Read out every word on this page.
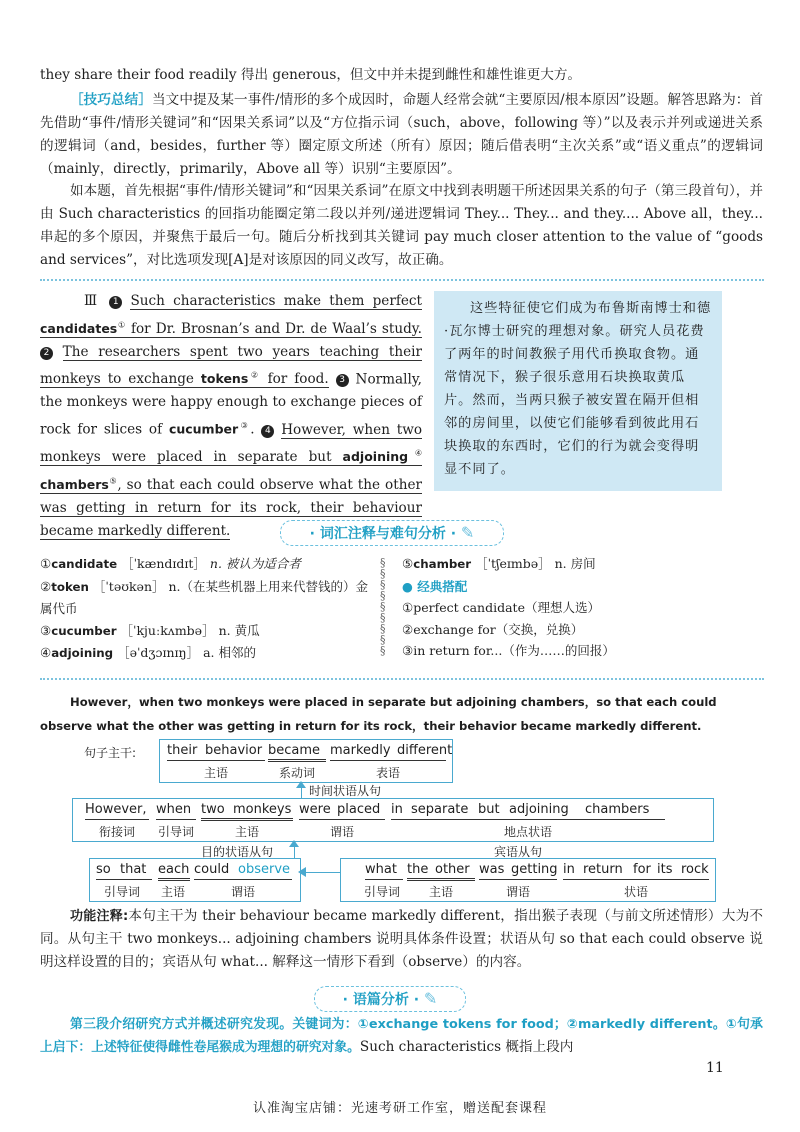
they share their food readily 得出 generous，但文中并未提到雌性和雄性谁更大方。
［技巧总结］当文中提及某一事件/情形的多个成因时，命题人经常会就“主要原因/根本原因”设题。解答思路为：首先借助“事件/情形关键词”和“因果关系词”以及“方位指示词（such，above，following 等）”以及表示并列或递进关系的逻辑词（and，besides，further 等）圈定原文所述（所有）原因；随后借表明“主次关系”或“语义重点”的逻辑词（mainly，directly，primarily，Above all 等）识别“主要原因”。
如本题，首先根据“事件/情形关键词”和“因果关系词”在原文中找到表明题干所述因果关系的句子（第三段首句），并由 Such characteristics 的回指功能圈定第二段以并列/递进逻辑词 They... They... and they.... Above all，they... 串起的多个原因，并聚焦于最后一句。随后分析找到其关键词 pay much closer attention to the value of “goods and services”，对比选项发现[A]是对该原因的同义改写，故正确。
Ⅲ 1 Such characteristics make them perfect candidates① for Dr. Brosnan’s and Dr. de Waal’s study. 2 The researchers spent two years teaching their monkeys to exchange tokens② for food. 3 Normally, the monkeys were happy enough to exchange pieces of rock for slices of cucumber③. 4 However, when two monkeys were placed in separate but adjoining④ chambers⑤, so that each could observe what the other was getting in return for its rock, their behaviour became markedly different.
这些特征使它们成为布鲁斯南博士和德·瓦尔博士研究的理想对象。研究人员花费了两年的时间教猴子用代币换取食物。通常情况下，猴子很乐意用石块换取黄瓜片。然而，当两只猴子被安置在隔开但相邻的房间里，以使它们能够看到彼此用石块换取的东西时，它们的行为就会变得明显不同了。
· 词汇注释与难句分析 · ✎
①candidate ［ˈkændɪdɪt］ n. 被认为适合者
②token ［ˈtəʊkən］ n.（在某些机器上用来代替钱的）金属代币
③cucumber ［ˈkjuːkʌmbə］ n. 黄瓜
④adjoining ［əˈdʒɔɪnɪŋ］ a. 相邻的
§
§
§
§
§
§
§
§
§
⑤chamber ［ˈtʃeɪmbə］ n. 房间
● 经典搭配
①perfect candidate（理想人选）
②exchange for（交换，兑换）
③in return for...（作为……的回报）
However，when two monkeys were placed in separate but adjoining chambers，so that each could observe what the other was getting in return for its rock，their behavior became markedly different.
句子主干: their behavior became markedly different
主语	系动词	表语
时间状语从句
However, when two monkeys were placed in separate but adjoining chambers
衔接词	引导词	主语	谓语	地点状语
目的状语从句	宾语从句
so that each could observe
引导词	主语	谓语
what the other was getting in return for its rock
引导词	主语	谓语	状语
功能注释:本句主干为 their behaviour became markedly different，指出猴子表现（与前文所述情形）大为不同。从句主干 two monkeys... adjoining chambers 说明具体条件设置；状语从句 so that each could observe 说明这样设置的目的；宾语从句 what... 解释这一情形下看到（observe）的内容。
· 语篇分析 · ✎
第三段介绍研究方式并概述研究发现。关键词为：①exchange tokens for food；②markedly different。①句承上启下：上述特征使得雌性卷尾猴成为理想的研究对象。Such characteristics 概指上段内
11
认准淘宝店铺：光速考研工作室，赠送配套课程
